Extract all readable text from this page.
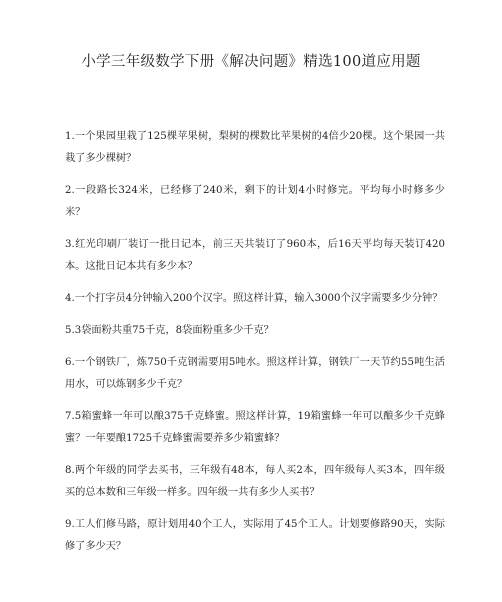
小学三年级数学下册《解决问题》精选100道应用题
1.一个果园里栽了125棵苹果树，梨树的棵数比苹果树的4倍少20棵。这个果园一共栽了多少棵树？
2.一段路长324米，已经修了240米，剩下的计划4小时修完。平均每小时修多少米？
3.红光印刷厂装订一批日记本，前三天共装订了960本，后16天平均每天装订420本。这批日记本共有多少本？
4.一个打字员4分钟输入200个汉字。照这样计算，输入3000个汉字需要多少分钟？
5.3袋面粉共重75千克，8袋面粉重多少千克？
6.一个钢铁厂，炼750千克钢需要用5吨水。照这样计算，钢铁厂一天节约55吨生活用水，可以炼钢多少千克？
7.5箱蜜蜂一年可以酿375千克蜂蜜。照这样计算，19箱蜜蜂一年可以酿多少千克蜂蜜？一年要酿1725千克蜂蜜需要养多少箱蜜蜂？
8.两个年级的同学去买书，三年级有48本，每人买2本，四年级每人买3本，四年级买的总本数和三年级一样多。四年级一共有多少人买书？
9.工人们修马路，原计划用40个工人，实际用了45个工人。计划要修路90天，实际修了多少天？
